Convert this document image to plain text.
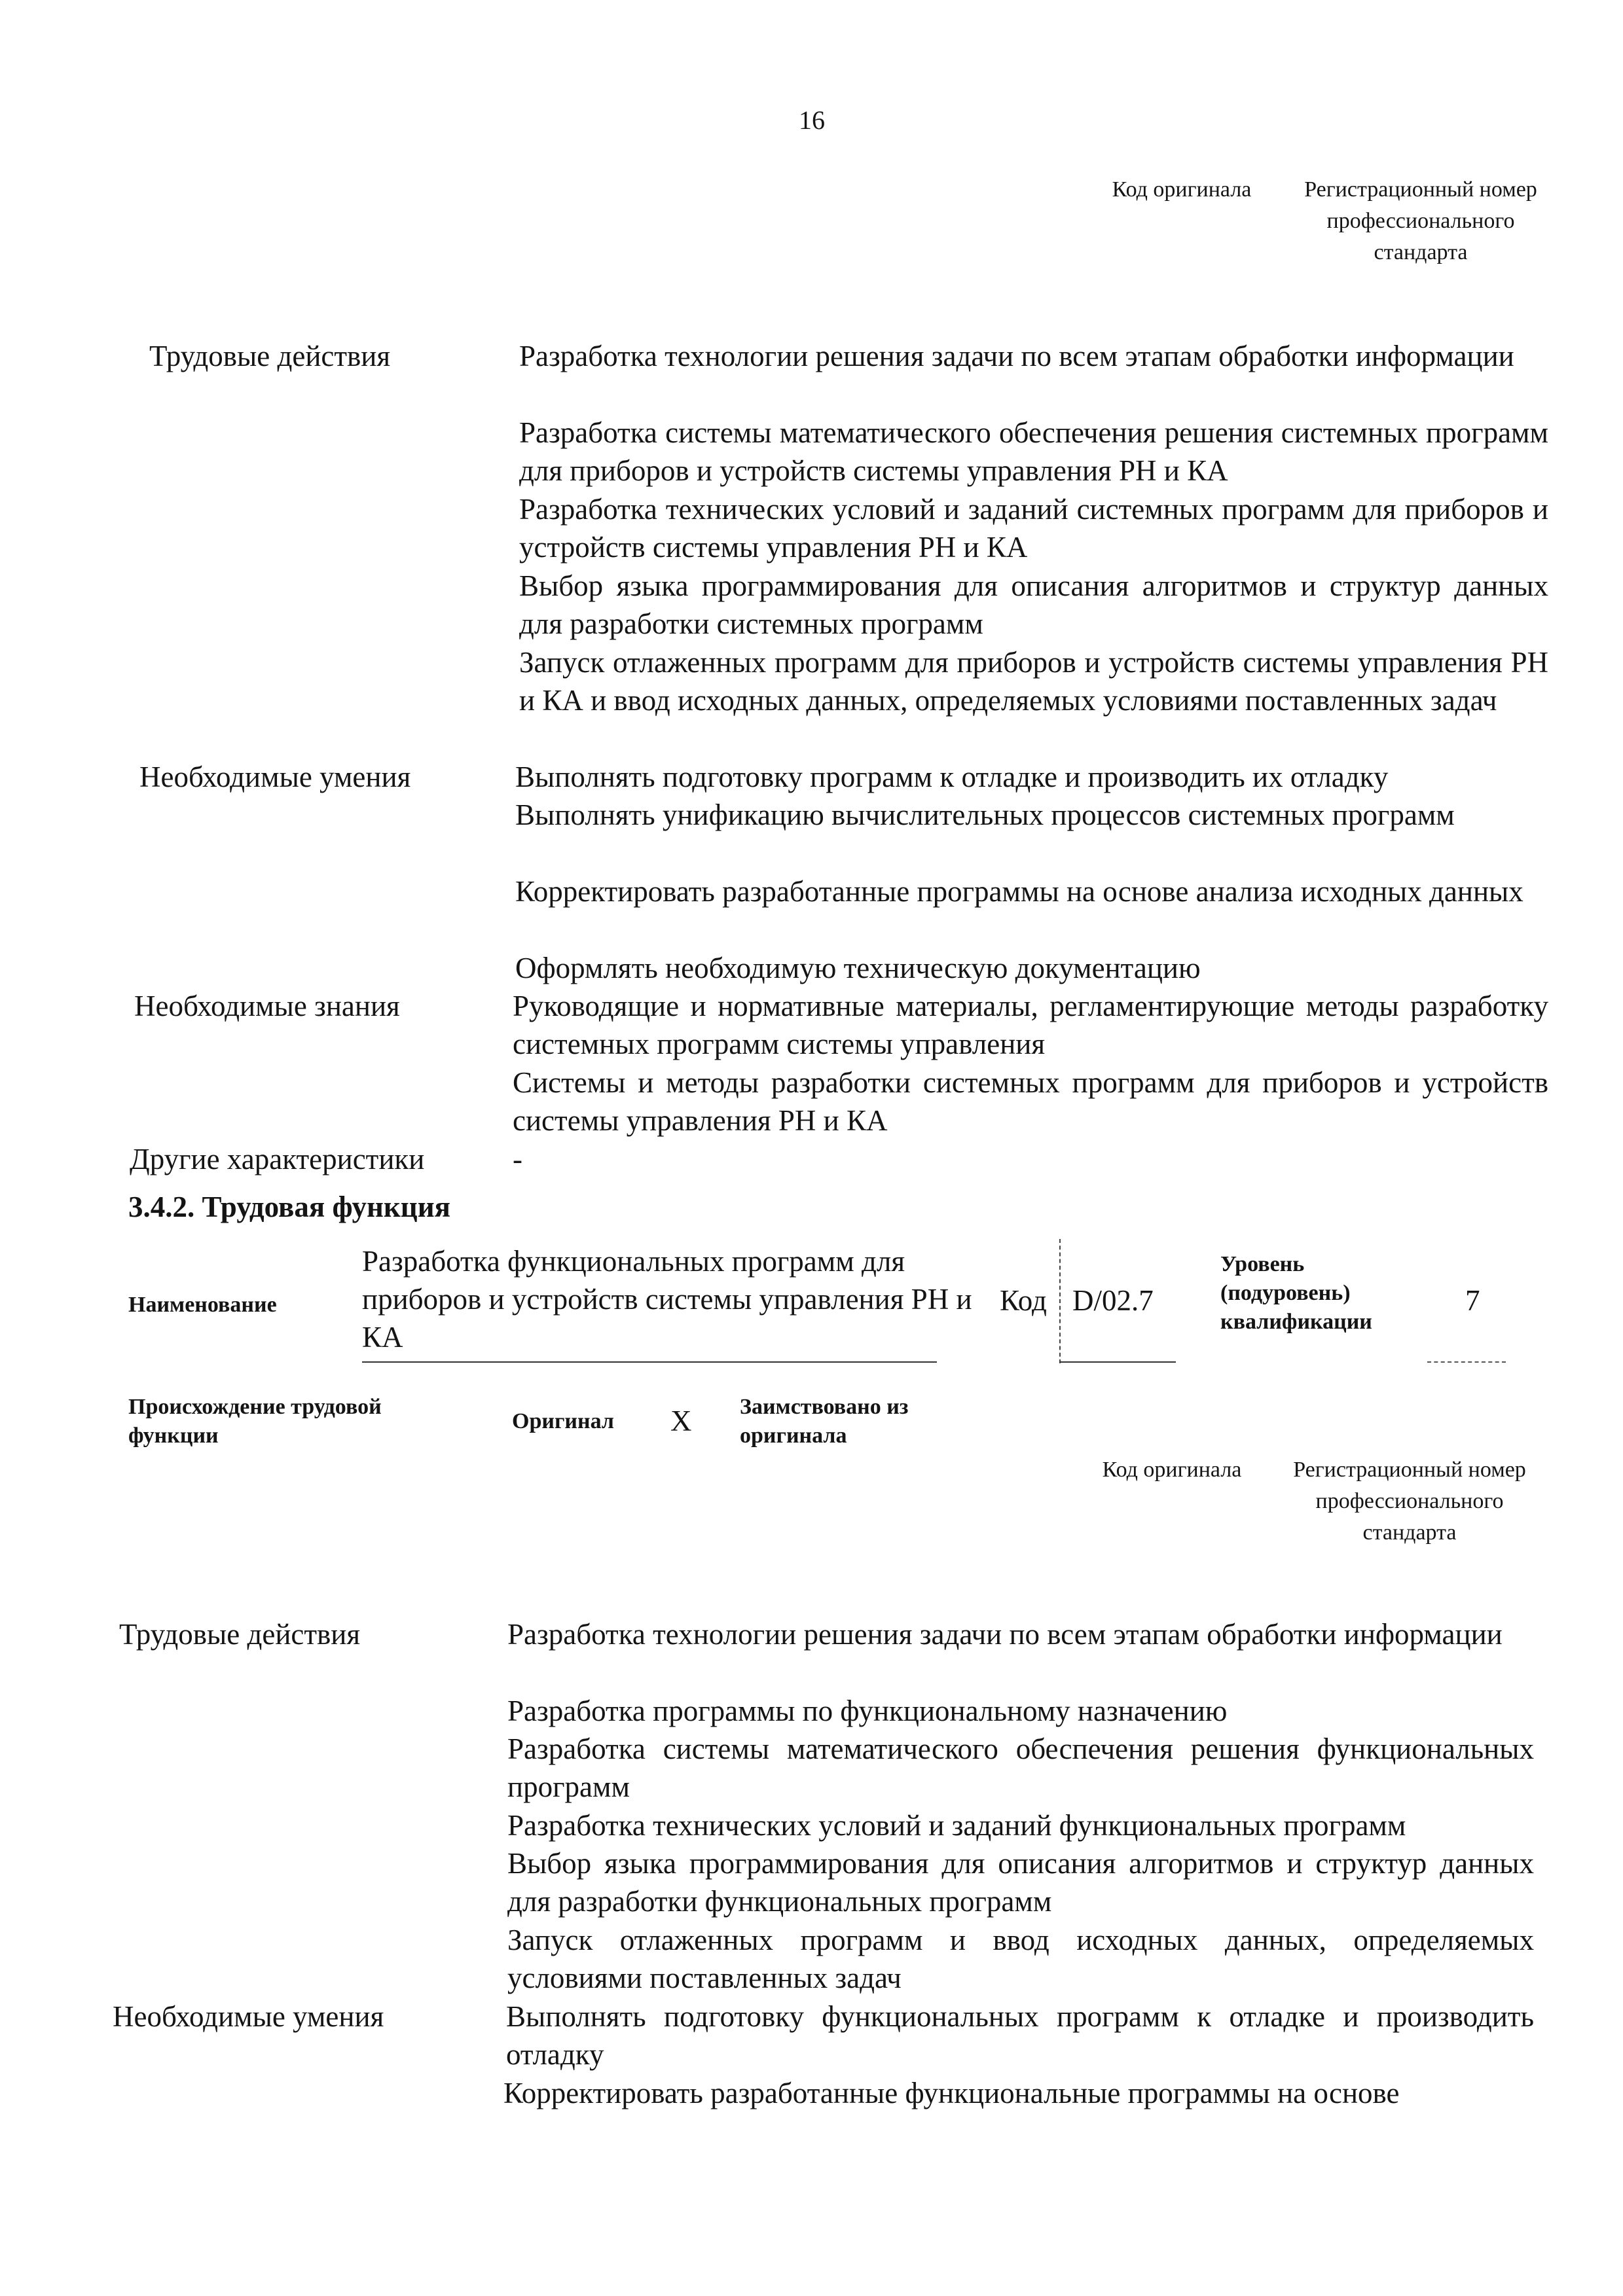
16
Код оригинала	Регистрационный номер профессионального стандарта
Трудовые действия	Разработка технологии решения задачи по всем этапам обработки информации
Разработка системы математического обеспечения решения системных программ для приборов и устройств системы управления РН и КА
Разработка технических условий и заданий системных программ для приборов и устройств системы управления РН и КА
Выбор языка программирования для описания алгоритмов и структур данных для разработки системных программ
Запуск отлаженных программ для приборов и устройств системы управления РН и КА и ввод исходных данных, определяемых условиями поставленных задач
Необходимые умения	Выполнять подготовку программ к отладке и производить их отладку
Выполнять унификацию вычислительных процессов системных программ
Корректировать разработанные программы на основе анализа исходных данных
Оформлять необходимую техническую документацию
Необходимые знания	Руководящие и нормативные материалы, регламентирующие методы разработку системных программ системы управления
Системы и методы разработки системных программ для приборов и устройств системы управления РН и КА
Другие характеристики	-
3.4.2. Трудовая функция
Наименование
Разработка функциональных программ для приборов и устройств системы управления РН и КА
Код D/02.7
Уровень (подуровень) квалификации
7
Происхождение трудовой функции
Оригинал X Заимствовано из оригинала
Код оригинала	Регистрационный номер профессионального стандарта
Трудовые действия	Разработка технологии решения задачи по всем этапам обработки информации
Разработка программы по функциональному назначению
Разработка системы математического обеспечения решения функциональных программ
Разработка технических условий и заданий функциональных программ
Выбор языка программирования для описания алгоритмов и структур данных для разработки функциональных программ
Запуск отлаженных программ и ввод исходных данных, определяемых условиями поставленных задач
Необходимые умения	Выполнять подготовку функциональных программ к отладке и производить отладку
Корректировать разработанные функциональные программы на основе
